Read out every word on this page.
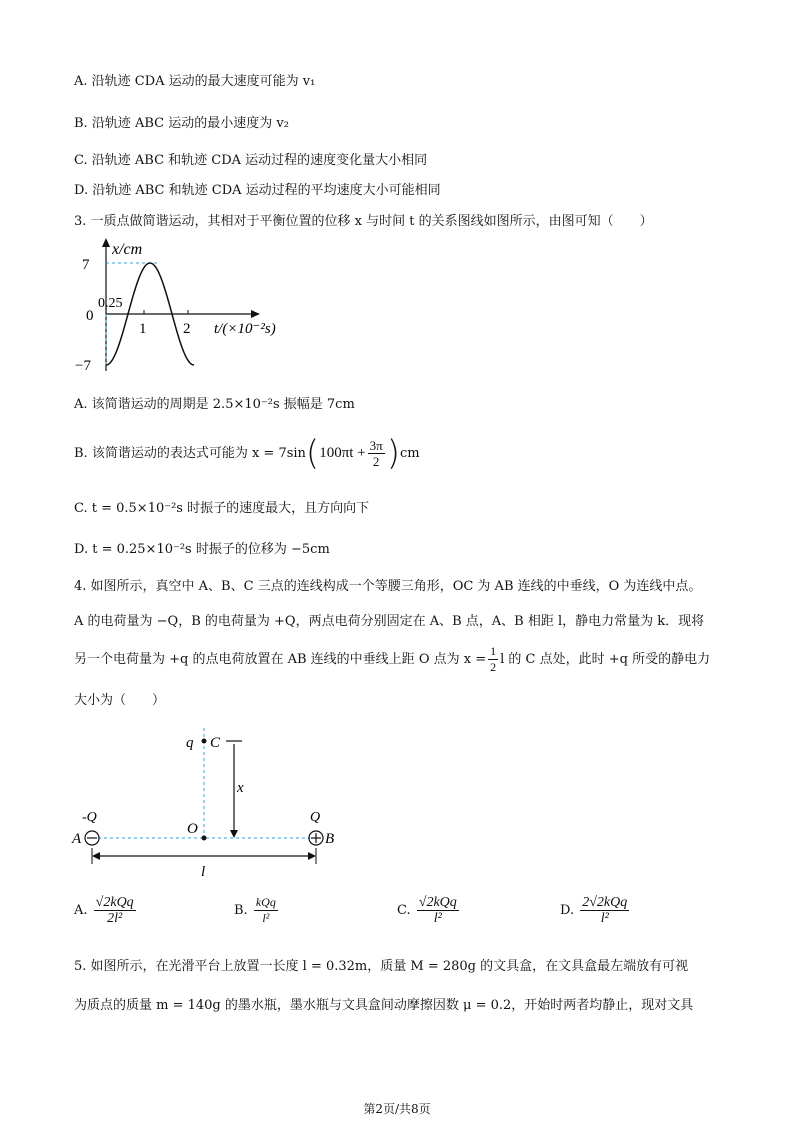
A. 沿轨迹 CDA 运动的最大速度可能为 v₁
B. 沿轨迹 ABC 运动的最小速度为 v₂
C. 沿轨迹 ABC 和轨迹 CDA 运动过程的速度变化量大小相同
D. 沿轨迹 ABC 和轨迹 CDA 运动过程的平均速度大小可能相同
3. 一质点做简谐运动，其相对于平衡位置的位移 x 与时间 t 的关系图线如图所示，由图可知（　　）
x/cm
7
0
−7
0.25
1 2 t/(×10⁻²s)
A. 该简谐运动的周期是 2.5×10⁻²s 振幅是 7cm
B. 该简谐运动的表达式可能为 $x = 7\sin(100\pi t + \frac{3\pi}{2} )cm$
C. t = 0.5×10⁻²s 时振子的速度最大，且方向向下
D. t = 0.25×10⁻²s 时振子的位移为 −5cm
4. 如图所示，真空中 A、B、C 三点的连线构成一个等腰三角形，OC 为 AB 连线的中垂线，O 为连线中点。
A 的电荷量为 −Q，B 的电荷量为 +Q，两点电荷分别固定在 A、B 点，A、B 相距 l，静电力常量为 k．现将
另一个电荷量为 +q 的点电荷放置在 AB 连线的中垂线上距 O 点为 $x = \frac{1}{2}$ l 的 C 点处，此时 +q 所受的静电力
大小为（　　）
q C
x
-Q	Q
A	B
O
l
A. $\frac{\text{√2kQq}}{\text{2l²}}$	B. $\frac{\text{kQq}}{\text{l²}}$	C. $\frac{\text{√2kQq}}{\text{l²}}$	D. $\frac{\text{2√2kQq}}{\text{l²}}$
5. 如图所示，在光滑平台上放置一长度 l = 0.32m，质量 M = 280g 的文具盒，在文具盒最左端放有可视
为质点的质量 m = 140g 的墨水瓶，墨水瓶与文具盒间动摩擦因数 μ = 0.2，开始时两者均静止，现对文具
第2页/共8页
